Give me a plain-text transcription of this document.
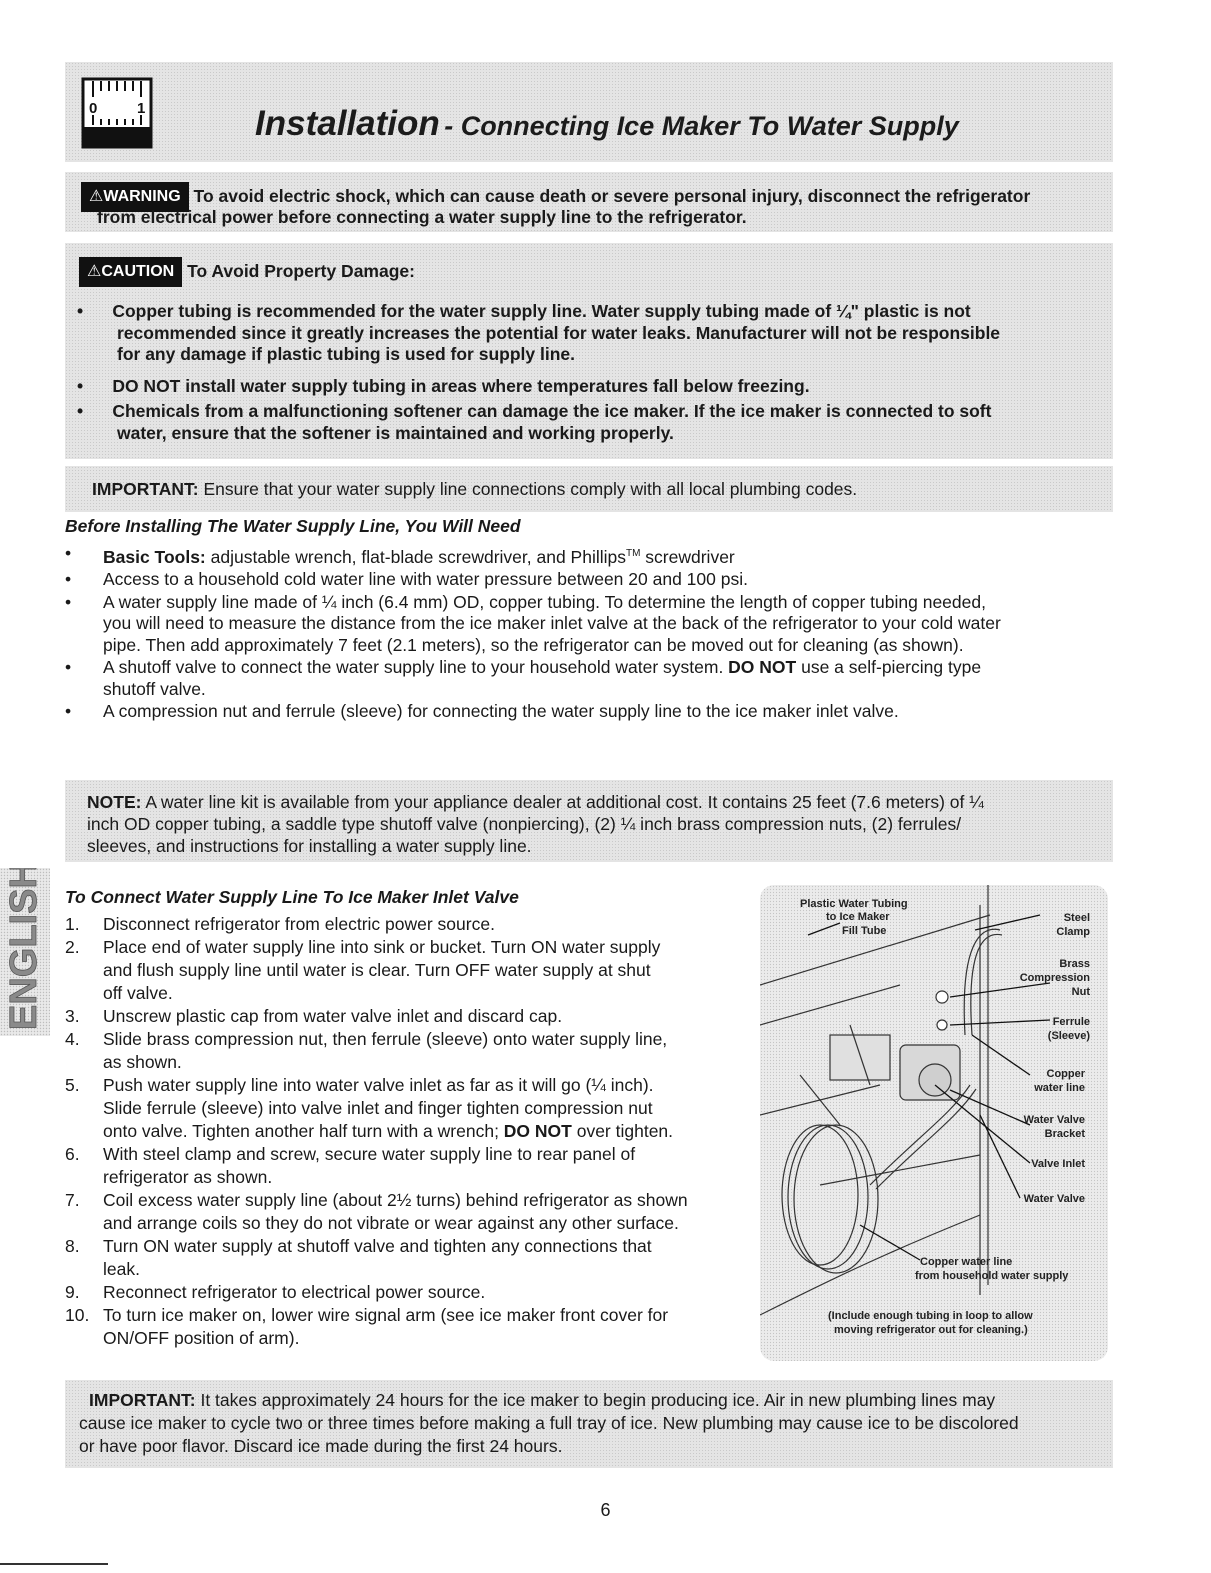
0	1	Installation - Connecting Ice Maker To Water Supply
⚠WARNING To avoid electric shock, which can cause death or severe personal injury, disconnect the refrigerator
from electrical power before connecting a water supply line to the refrigerator.
⚠CAUTION To Avoid Property Damage:
•      Copper tubing is recommended for the water supply line. Water supply tubing made of ¼" plastic is not
recommended since it greatly increases the potential for water leaks. Manufacturer will not be responsible
for any damage if plastic tubing is used for supply line.
•      DO NOT install water supply tubing in areas where temperatures fall below freezing.
•      Chemicals from a malfunctioning softener can damage the ice maker. If the ice maker is connected to soft
water, ensure that the softener is maintained and working properly.
IMPORTANT: Ensure that your water supply line connections comply with all local plumbing codes.
Before Installing The Water Supply Line, You Will Need
• Basic Tools: adjustable wrench, flat-blade screwdriver, and Phillips™ screwdriver
• Access to a household cold water line with water pressure between 20 and 100 psi.
• A water supply line made of ¼ inch (6.4 mm) OD, copper tubing. To determine the length of copper tubing needed,
you will need to measure the distance from the ice maker inlet valve at the back of the refrigerator to your cold water
pipe. Then add approximately 7 feet (2.1 meters), so the refrigerator can be moved out for cleaning (as shown).
• A shutoff valve to connect the water supply line to your household water system. DO NOT use a self-piercing type
shutoff valve.
• A compression nut and ferrule (sleeve) for connecting the water supply line to the ice maker inlet valve.
NOTE: A water line kit is available from your appliance dealer at additional cost. It contains 25 feet (7.6 meters) of ¼
inch OD copper tubing, a saddle type shutoff valve (nonpiercing), (2) ¼ inch brass compression nuts, (2) ferrules/
sleeves, and instructions for installing a water supply line.
ENGLISH To Connect Water Supply Line To Ice Maker Inlet Valve
1. Disconnect refrigerator from electric power source.
2. Place end of water supply line into sink or bucket. Turn ON water supply
and flush supply line until water is clear. Turn OFF water supply at shut
off valve.
3. Unscrew plastic cap from water valve inlet and discard cap.
4. Slide brass compression nut, then ferrule (sleeve) onto water supply line,
as shown.
5. Push water supply line into water valve inlet as far as it will go (¼ inch).
Slide ferrule (sleeve) into valve inlet and finger tighten compression nut
onto valve. Tighten another half turn with a wrench; DO NOT over tighten.
6. With steel clamp and screw, secure water supply line to rear panel of
refrigerator as shown.
7. Coil excess water supply line (about 2½ turns) behind refrigerator as shown
and arrange coils so they do not vibrate or wear against any other surface.
8. Turn ON water supply at shutoff valve and tighten any connections that
leak.
9. Reconnect refrigerator to electrical power source.
10. To turn ice maker on, lower wire signal arm (see ice maker front cover for
ON/OFF position of arm).
Plastic Water Tubing to Ice Maker Fill Tube
Steel Clamp
Brass Compression Nut
Ferrule (Sleeve)
Copper water line
Water Valve Bracket
Valve Inlet
Water Valve
Copper water line from household water supply
(Include enough tubing in loop to allow moving refrigerator out for cleaning.)
IMPORTANT: It takes approximately 24 hours for the ice maker to begin producing ice. Air in new plumbing lines may
cause ice maker to cycle two or three times before making a full tray of ice. New plumbing may cause ice to be discolored
or have poor flavor. Discard ice made during the first 24 hours.
6
